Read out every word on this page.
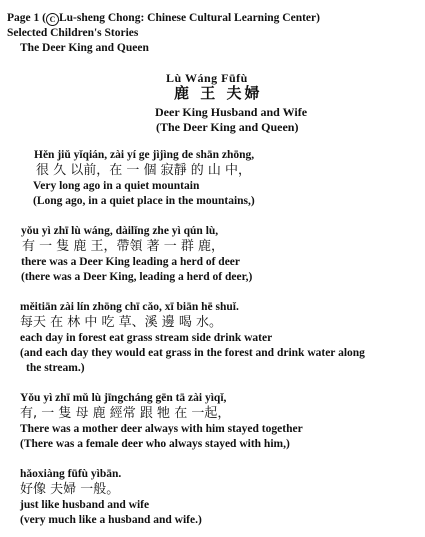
Page 1 ( C Lu-sheng Chong: Chinese Cultural Learning Center)
Selected Children's Stories
The Deer King and Queen
Lù Wáng Fūfù
鹿 王 夫婦
Deer King Husband and Wife
(The Deer King and Queen)
Hěn jiǔ yǐqián, zài yí ge jìjìng de shān zhōng,
很 久 以前，在 一 個 寂靜 的 山 中，
Very long ago in a quiet mountain
(Long ago, in a quiet place in the mountains,)
yǒu yì zhī lù wáng, dàilǐng zhe yì qún lù,
有 一 隻 鹿 王，帶領 著 一 群 鹿，
there was a Deer King leading a herd of deer
(there was a Deer King, leading a herd of deer,)
měitiān zài lín zhōng chī cǎo, xī biān hē shuǐ.
每天 在 林 中 吃 草、溪 邊 喝 水。
each day in forest eat grass stream side drink water
(and each day they would eat grass in the forest and drink water along
the stream.)
Yǒu yì zhī mǔ lù jīngcháng gēn tā zài yìqǐ,
有, 一 隻 母 鹿 經常 跟 牠 在 一起，
There was a mother deer always with him stayed together
(There was a female deer who always stayed with him,)
hǎoxiàng fūfù yìbān.
好像 夫婦 一般。
just like husband and wife
(very much like a husband and wife.)
